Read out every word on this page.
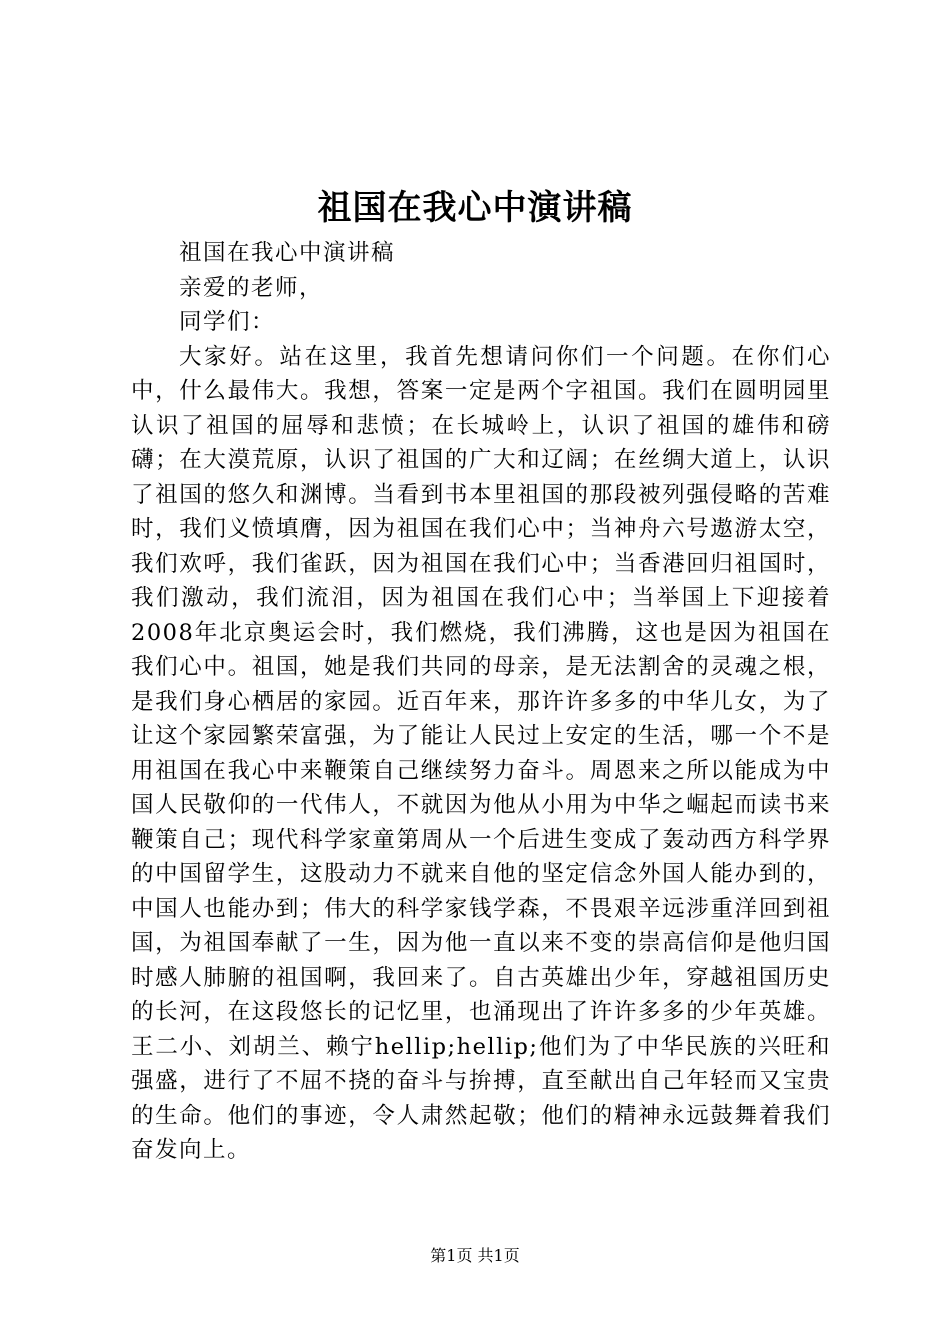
祖国在我心中演讲稿
祖国在我心中演讲稿
亲爱的老师，
同学们：

大家好。站在这里，我首先想请问你们一个问题。在你们心中，什么最伟大。我想，答案一定是两个字祖国。我们在圆明园里认识了祖国的屈辱和悲愤；在长城岭上，认识了祖国的雄伟和磅礴；在大漠荒原，认识了祖国的广大和辽阔；在丝绸大道上，认识了祖国的悠久和渊博。当看到书本里祖国的那段被列强侵略的苦难时，我们义愤填膺，因为祖国在我们心中；当神舟六号遨游太空，我们欢呼，我们雀跃，因为祖国在我们心中；当香港回归祖国时，我们激动，我们流泪，因为祖国在我们心中；当举国上下迎接着2008年北京奥运会时，我们燃烧，我们沸腾，这也是因为祖国在我们心中。祖国，她是我们共同的母亲，是无法割舍的灵魂之根，是我们身心栖居的家园。近百年来，那许许多多的中华儿女，为了让这个家园繁荣富强，为了能让人民过上安定的生活，哪一个不是用祖国在我心中来鞭策自己继续努力奋斗。周恩来之所以能成为中国人民敬仰的一代伟人，不就因为他从小用为中华之崛起而读书来鞭策自己；现代科学家童第周从一个后进生变成了轰动西方科学界的中国留学生，这股动力不就来自他的坚定信念外国人能办到的，中国人也能办到；伟大的科学家钱学森，不畏艰辛远涉重洋回到祖国，为祖国奉献了一生，因为他一直以来不变的崇高信仰是他归国时感人肺腑的祖国啊，我回来了。自古英雄出少年，穿越祖国历史的长河，在这段悠长的记忆里，也涌现出了许许多多的少年英雄。王二小、刘胡兰、赖宁hellip;hellip;他们为了中华民族的兴旺和强盛，进行了不屈不挠的奋斗与拚搏，直至献出自己年轻而又宝贵的生命。他们的事迹，令人肃然起敬；他们的精神永远鼓舞着我们奋发向上。

第1页 共1页
